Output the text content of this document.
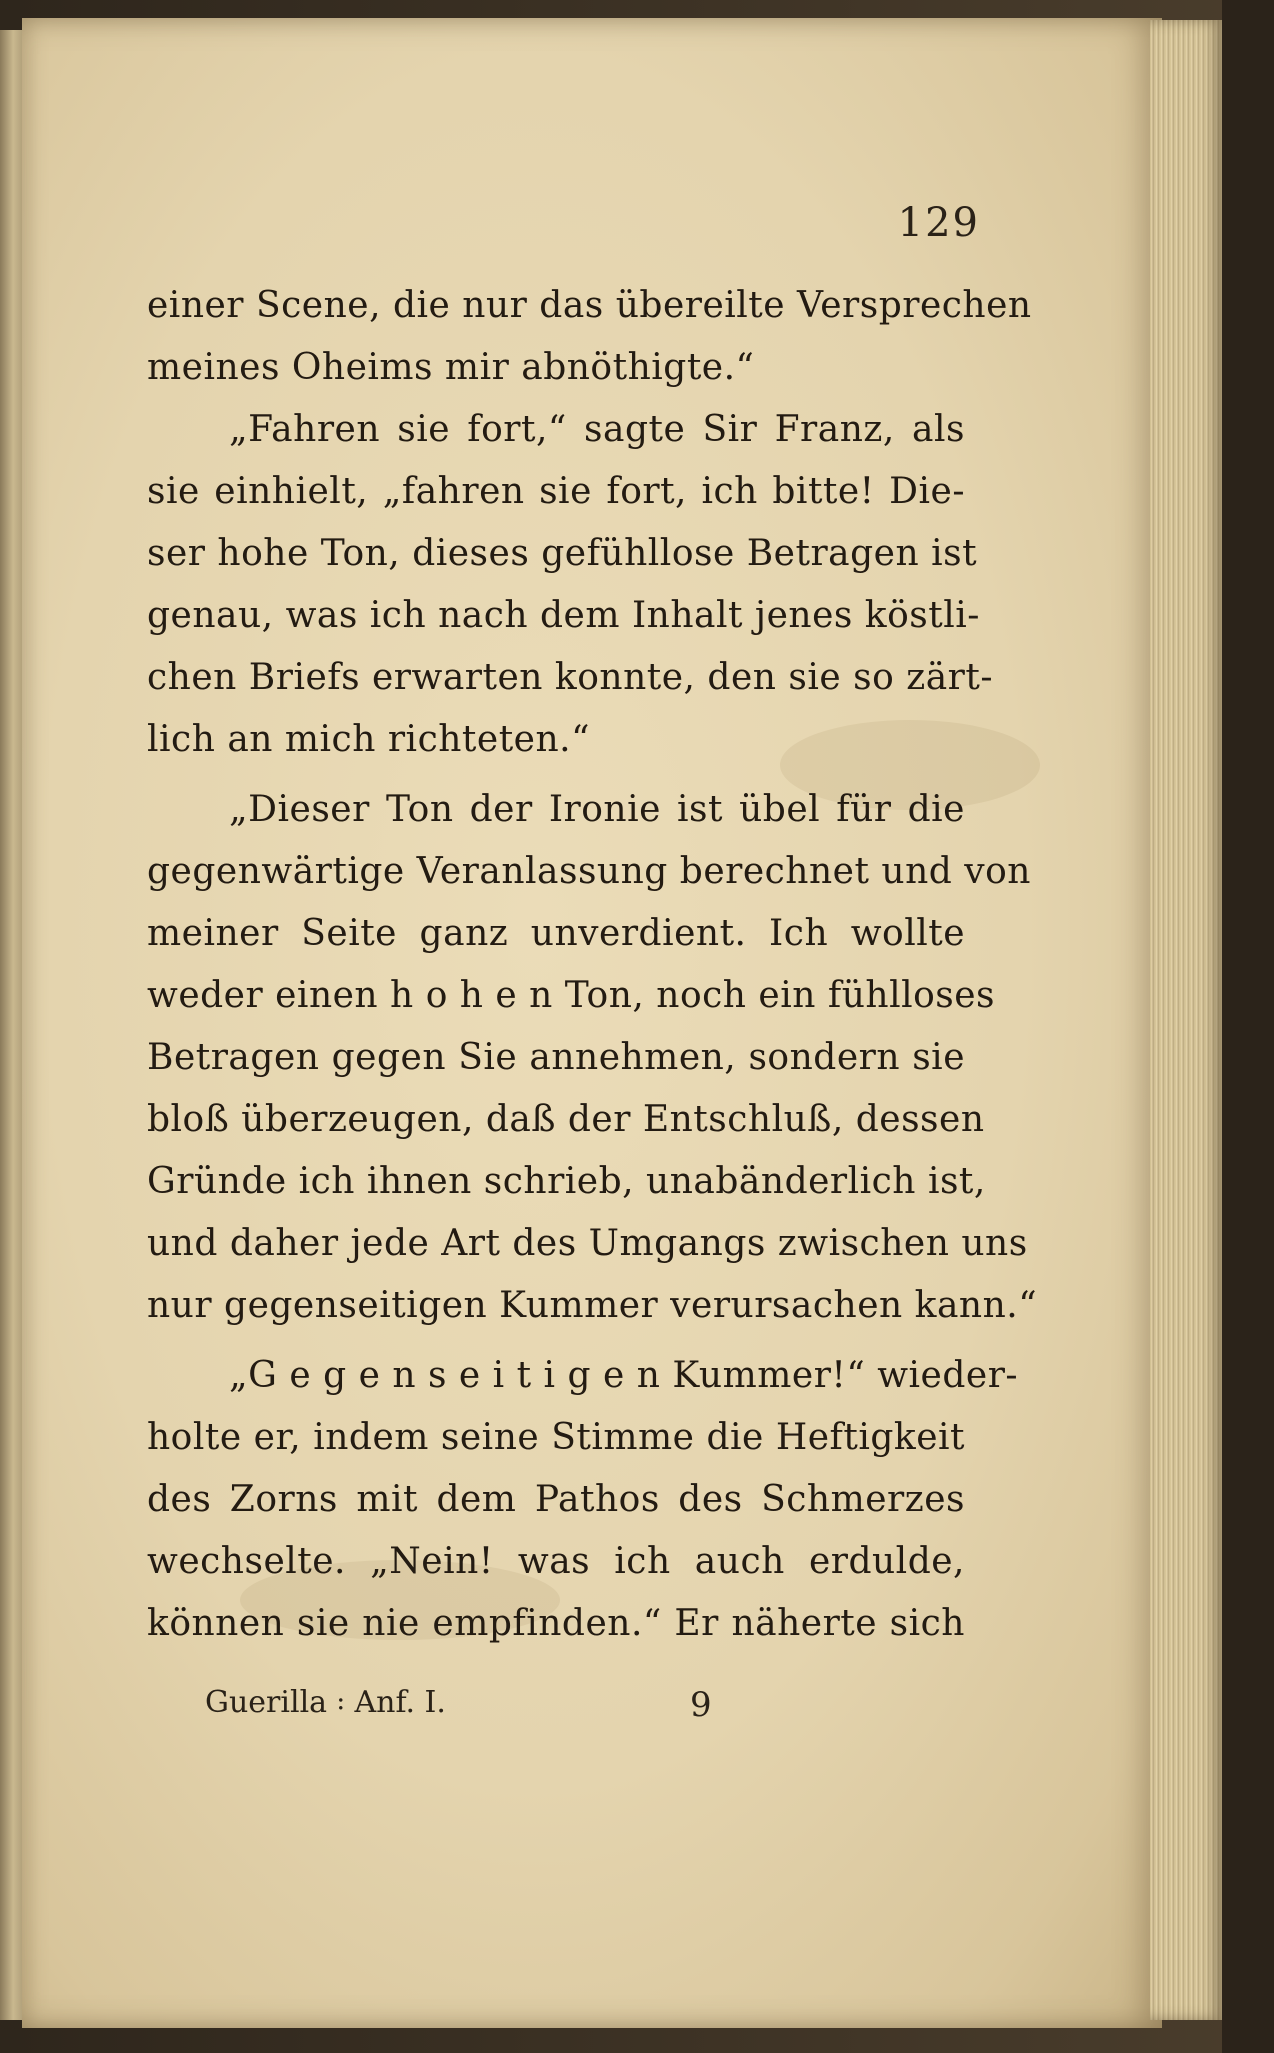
129
einer Scene, die nur das übereilte Versprechen
meines Oheims mir abnöthigte.“
„Fahren sie fort,“ sagte Sir Franz, als
sie einhielt, „fahren sie fort, ich bitte! Die-
ser hohe Ton, dieses gefühllose Betragen ist
genau, was ich nach dem Inhalt jenes köstli-
chen Briefs erwarten konnte, den sie so zärt-
lich an mich richteten.“
„Dieser Ton der Ironie ist übel für die
gegenwärtige Veranlassung berechnet und von
meiner Seite ganz unverdient. Ich wollte
weder einen h o h e n Ton, noch ein fühlloses
Betragen gegen Sie annehmen, sondern sie
bloß überzeugen, daß der Entschluß, dessen
Gründe ich ihnen schrieb, unabänderlich ist,
und daher jede Art des Umgangs zwischen uns
nur gegenseitigen Kummer verursachen kann.“
„G e g e n s e i t i g e n Kummer!“ wieder-
holte er, indem seine Stimme die Heftigkeit
des Zorns mit dem Pathos des Schmerzes
wechselte. „Nein! was ich auch erdulde,
können sie nie empfinden.“ Er näherte sich
Guerilla ꞉ Anf. I.	9
